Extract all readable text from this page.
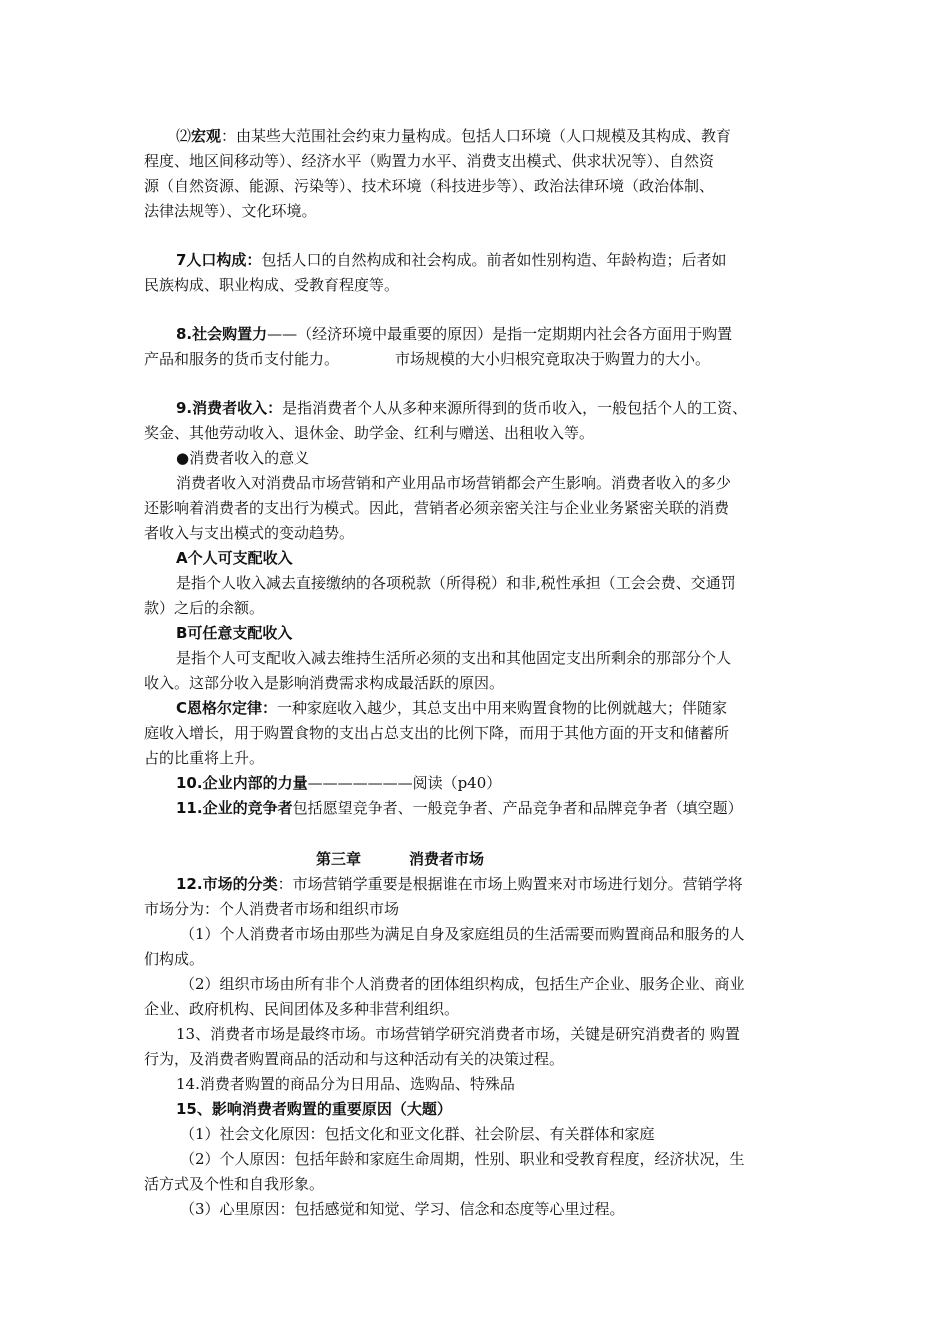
⑵宏观：由某些大范围社会约束力量构成。包括人口环境（人口规模及其构成、教育

程度、地区间移动等）、经济水平（购置力水平、消费支出模式、供求状况等）、自然资

源（自然资源、能源、污染等）、技术环境（科技进步等）、政治法律环境（政治体制、

法律法规等）、文化环境。

7人口构成：包括人口的自然构成和社会构成。前者如性别构造、年龄构造；后者如

民族构成、职业构成、受教育程度等。

8.社会购置力——（经济环境中最重要的原因）是指一定期期内社会各方面用于购置

产品和服务的货币支付能力。	市场规模的大小归根究竟取决于购置力的大小。

9.消费者收入：是指消费者个人从多种来源所得到的货币收入，一般包括个人的工资、

奖金、其他劳动收入、退休金、助学金、红利与赠送、出租收入等。

●消费者收入的意义

消费者收入对消费品市场营销和产业用品市场营销都会产生影响。消费者收入的多少

还影响着消费者的支出行为模式。因此，营销者必须亲密关注与企业业务紧密关联的消费

者收入与支出模式的变动趋势。

A个人可支配收入

是指个人收入减去直接缴纳的各项税款（所得税）和非,税性承担（工会会费、交通罚

款）之后的余额。

B可任意支配收入

是指个人可支配收入减去维持生活所必须的支出和其他固定支出所剩余的那部分个人

收入。这部分收入是影响消费需求构成最活跃的原因。

C恩格尔定律：一种家庭收入越少，其总支出中用来购置食物的比例就越大；伴随家

庭收入增长，用于购置食物的支出占总支出的比例下降，而用于其他方面的开支和储蓄所

占的比重将上升。

10.企业内部的力量———————阅读（p40）

11.企业的竞争者包括愿望竞争者、一般竞争者、产品竞争者和品牌竞争者（填空题）

第三章	消费者市场

12.市场的分类：市场营销学重要是根据谁在市场上购置来对市场进行划分。营销学将

市场分为：个人消费者市场和组织市场

（1）个人消费者市场由那些为满足自身及家庭组员的生活需要而购置商品和服务的人

们构成。

（2）组织市场由所有非个人消费者的团体组织构成，包括生产企业、服务企业、商业

企业、政府机构、民间团体及多种非营利组织。

13、消费者市场是最终市场。市场营销学研究消费者市场，关键是研究消费者的 购置

行为，及消费者购置商品的活动和与这种活动有关的决策过程。

14.消费者购置的商品分为日用品、选购品、特殊品

15、影响消费者购置的重要原因（大题）

（1）社会文化原因：包括文化和亚文化群、社会阶层、有关群体和家庭

（2）个人原因：包括年龄和家庭生命周期，性别、职业和受教育程度，经济状况，生

活方式及个性和自我形象。

（3）心里原因：包括感觉和知觉、学习、信念和态度等心里过程。
